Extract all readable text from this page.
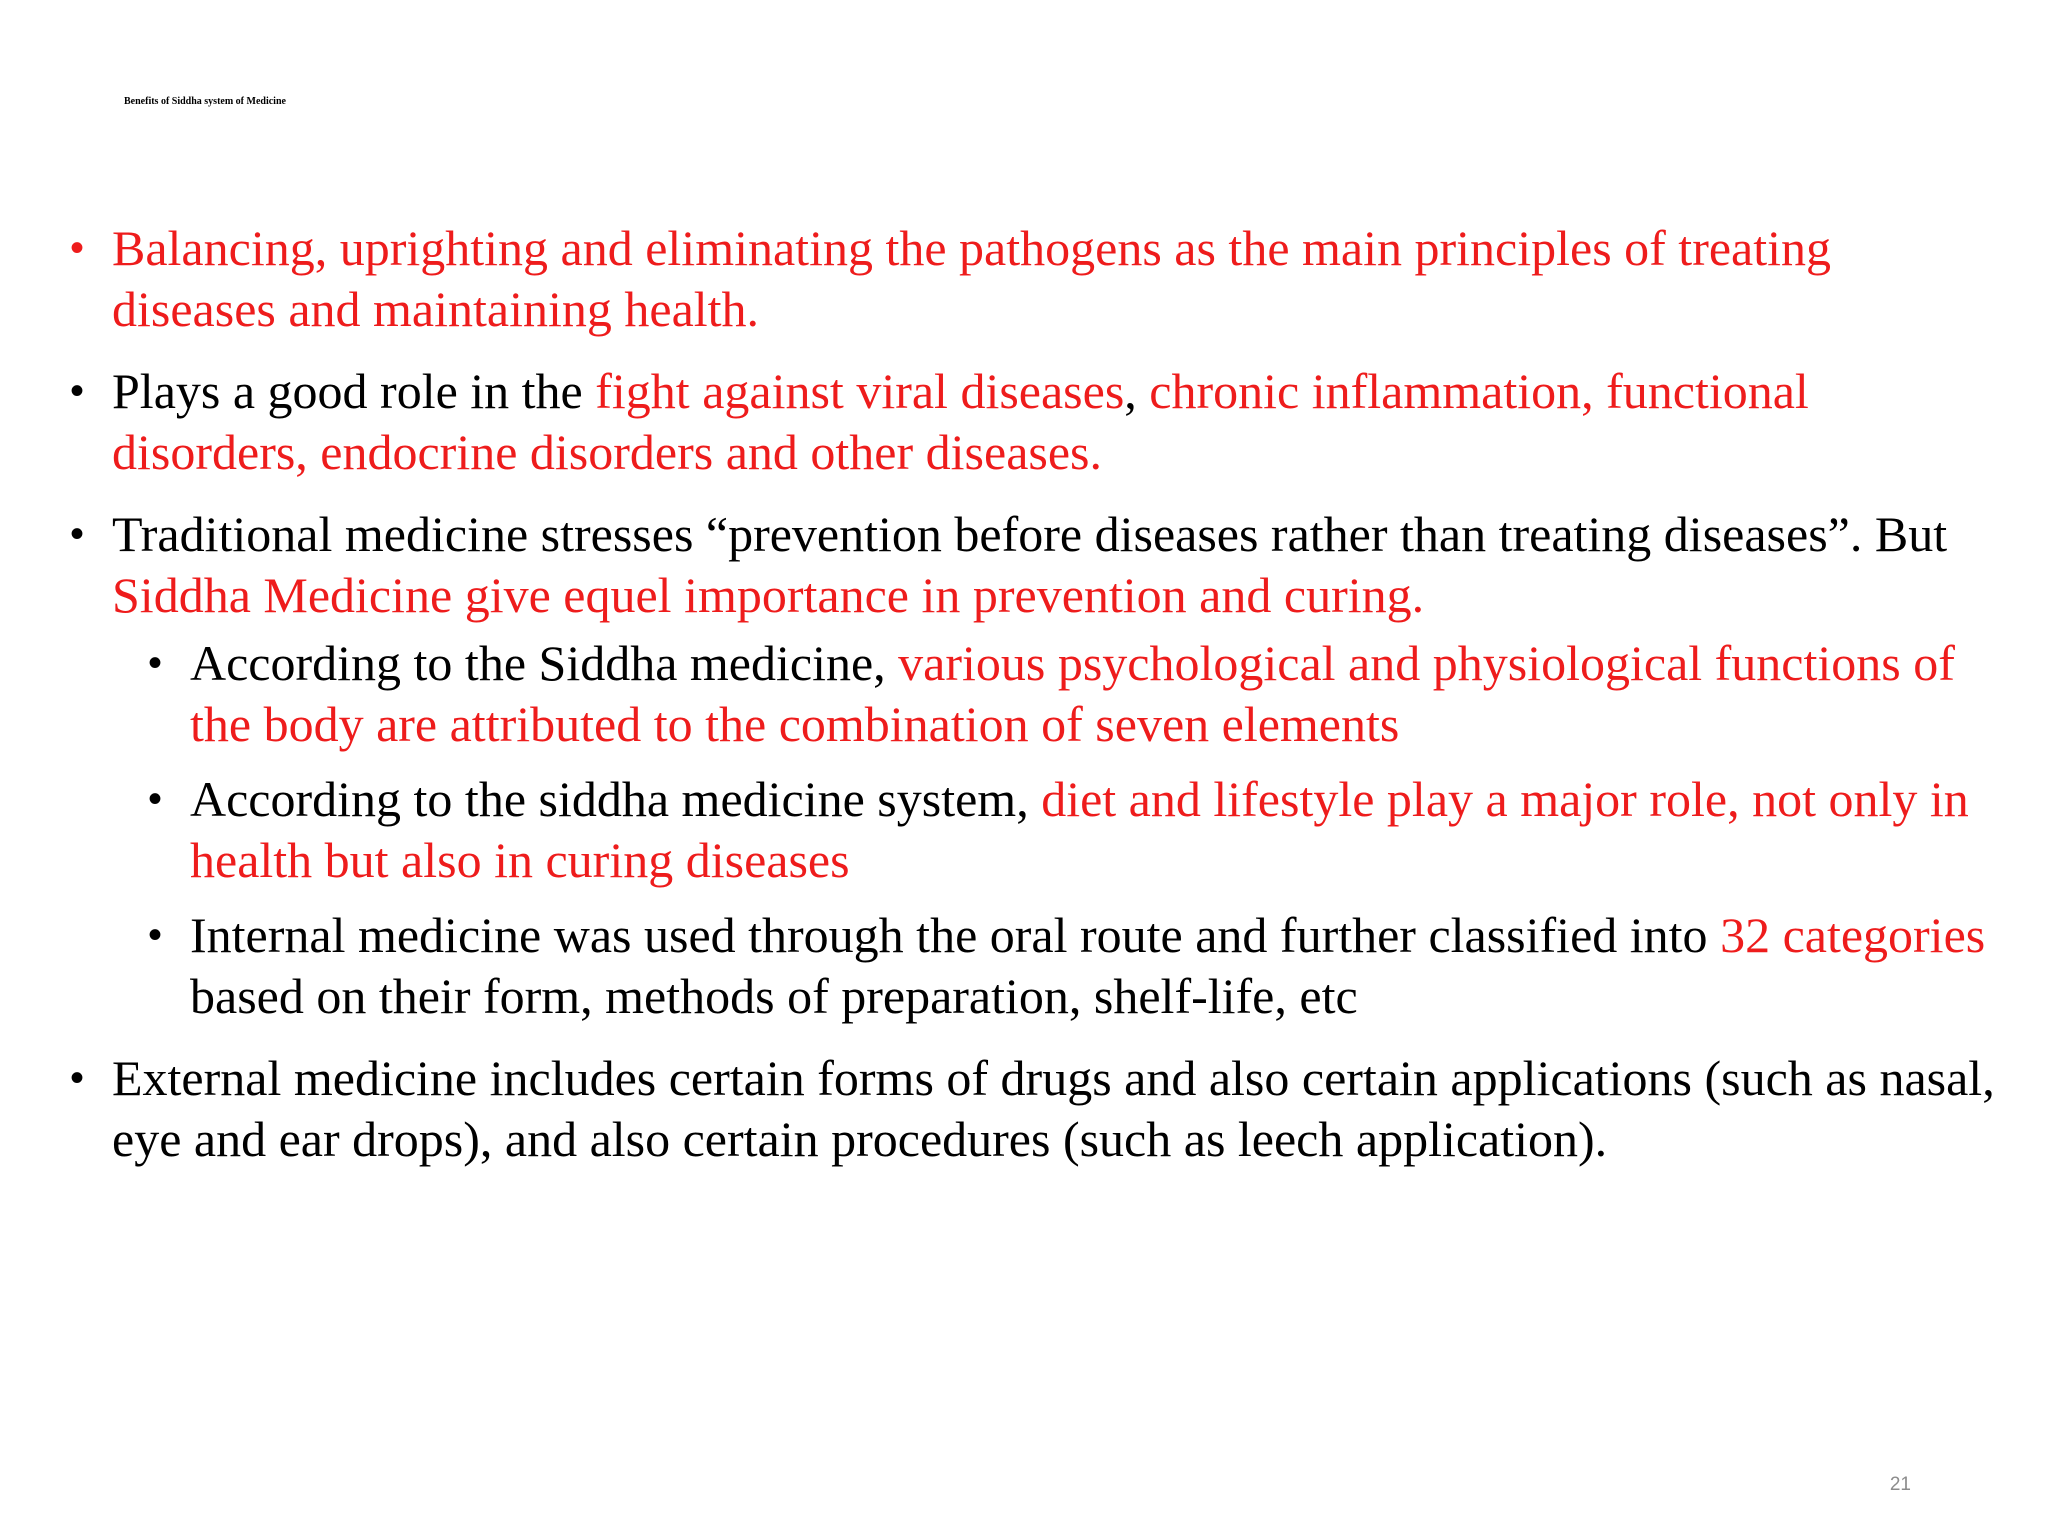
Benefits of Siddha system of Medicine
• Balancing, uprighting and eliminating the pathogens as the main principles of treating diseases and maintaining health.
• Plays a good role in the fight against viral diseases, chronic inflammation, functional disorders, endocrine disorders and other diseases.
• Traditional medicine stresses “prevention before diseases rather than treating diseases”. But Siddha Medicine give equel importance in prevention and curing.
• According to the Siddha medicine, various psychological and physiological functions of the body are attributed to the combination of seven elements
• According to the siddha medicine system, diet and lifestyle play a major role, not only in health but also in curing diseases
• Internal medicine was used through the oral route and further classified into 32 categories based on their form, methods of preparation, shelf-life, etc
• External medicine includes certain forms of drugs and also certain applications (such as nasal, eye and ear drops), and also certain procedures (such as leech application).
21
